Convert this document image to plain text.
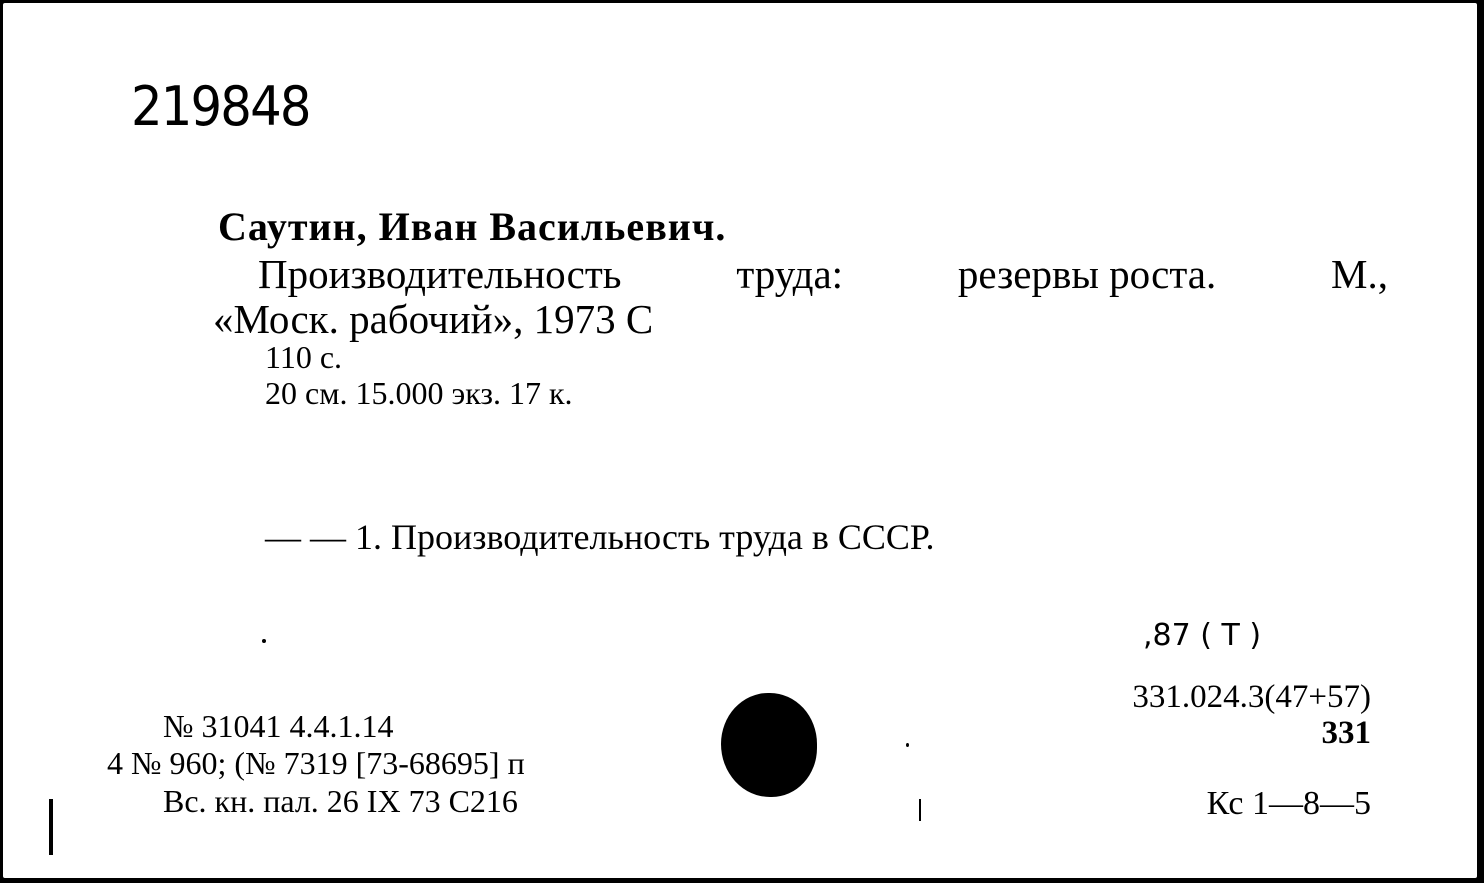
219848
Саутин, Иван Васильевич.
Производительность	труда:	резервы роста.	М.,
«Моск. рабочий», 1973 С
110 с.
20 см. 15.000 экз. 17 к.
— — 1. Производительность труда в СССР.
№ 31041 4.4.1.14
4 № 960; (№ 7319 [73-68695] п
Вс. кн. пал. 26 IX 73 С216
,87 ( Т )
331.024.3(47+57)
331
Кс 1—8—5
